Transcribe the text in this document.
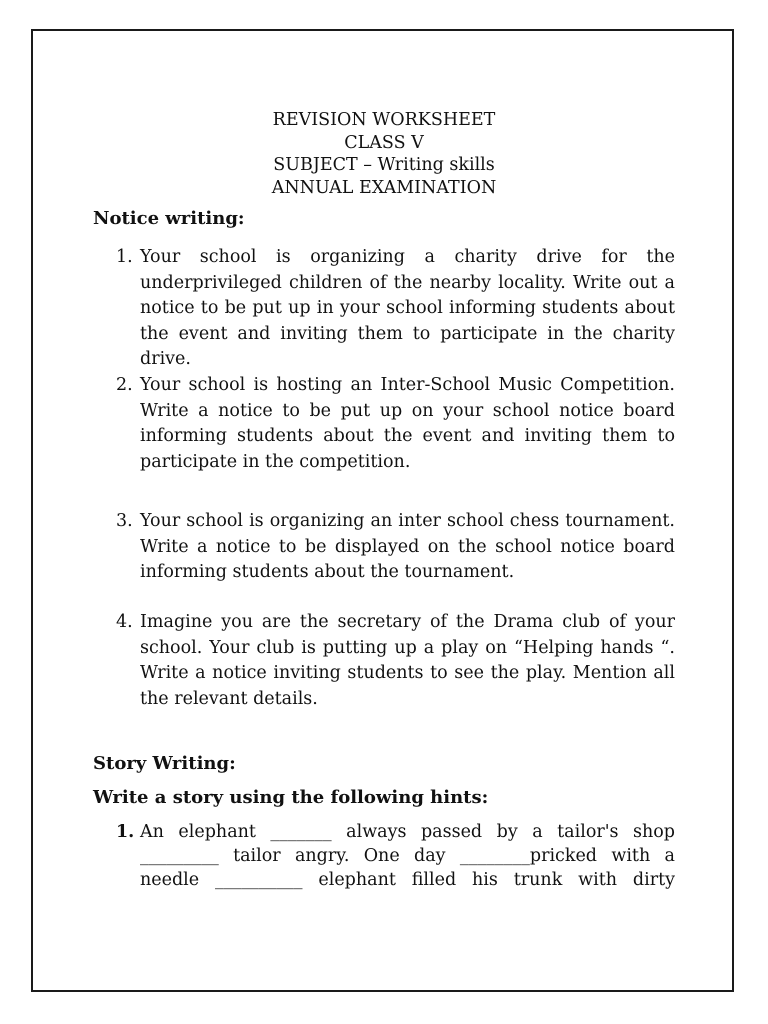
REVISION WORKSHEET
CLASS V
SUBJECT – Writing skills
ANNUAL EXAMINATION
Notice writing:
1. Your school is organizing a charity drive for the underprivileged children of the nearby locality. Write out a notice to be put up in your school informing students about the event and inviting them to participate in the charity drive.
2. Your school is hosting an Inter-School Music Competition. Write a notice to be put up on your school notice board informing students about the event and inviting them to participate in the competition.
3. Your school is organizing an inter school chess tournament. Write a notice to be displayed on the school notice board informing students about the tournament.
4. Imagine you are the secretary of the Drama club of your school. Your club is putting up a play on “Helping hands “. Write a notice inviting students to see the play. Mention all the relevant details.
Story Writing:
Write a story using the following hints:
1. An elephant _______ always passed by a tailor's shop
_________ tailor angry. One day ________pricked with a
needle __________ elephant filled his trunk with dirty
